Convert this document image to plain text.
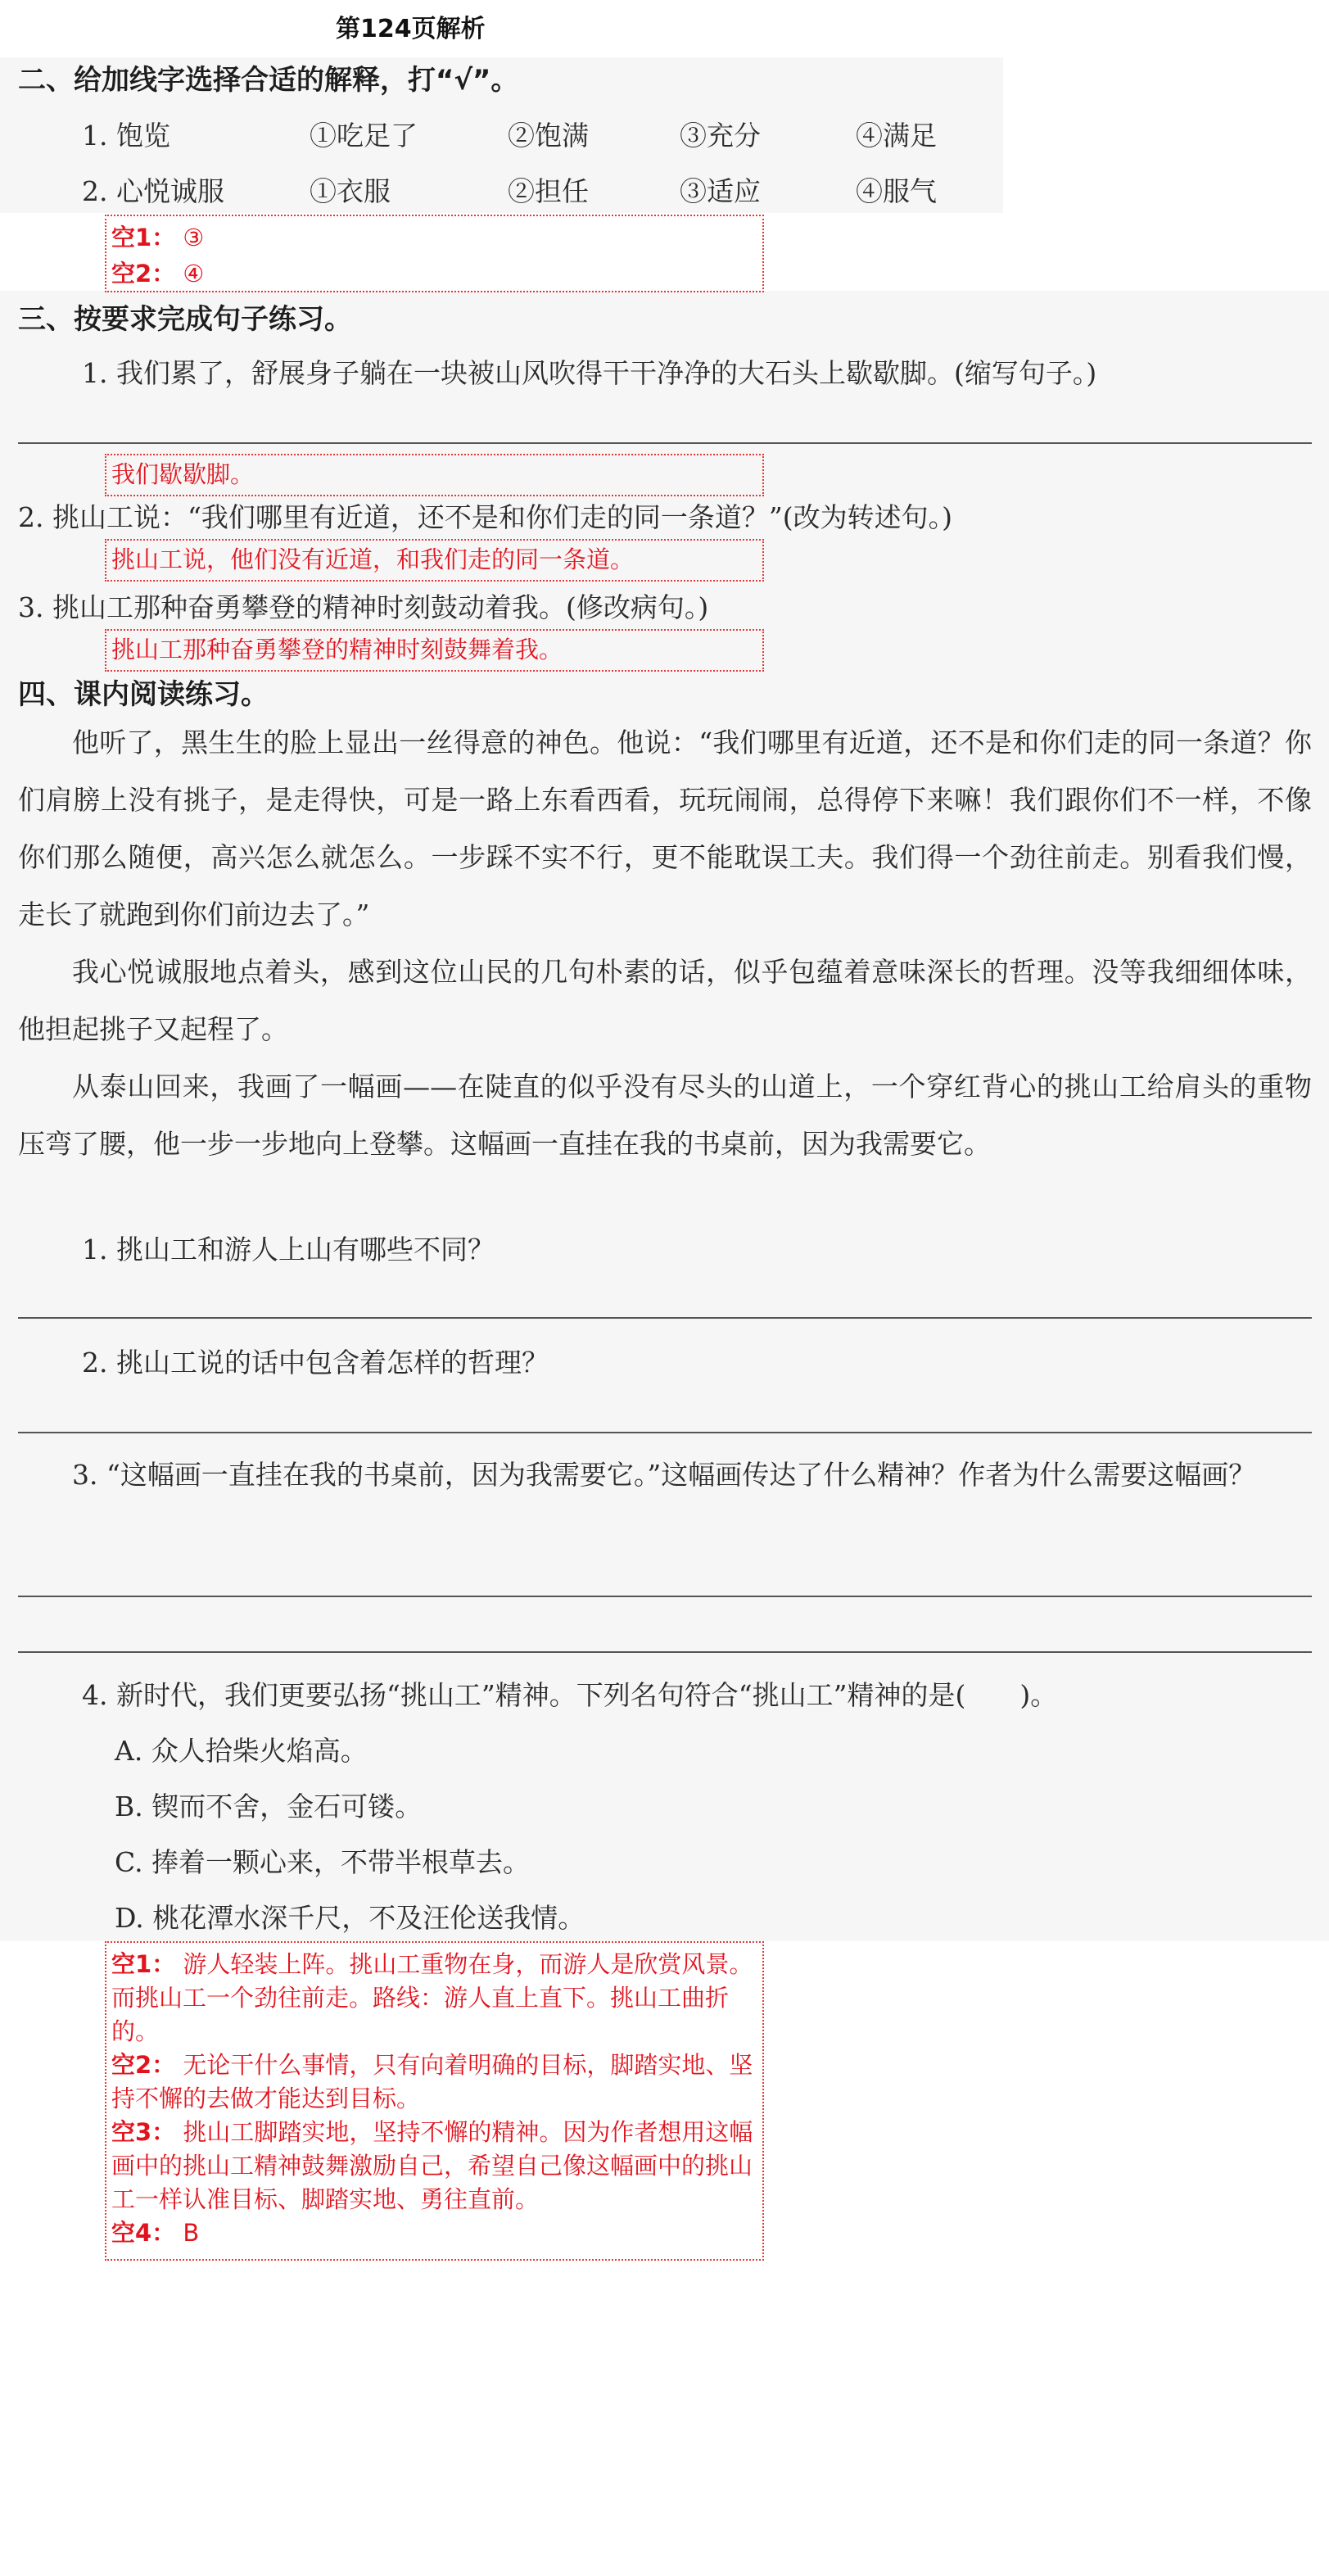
第124页解析
二、给加线字选择合适的解释，打“√”。
1. 饱览	①吃足了	②饱满	③充分	④满足
2. 心悦诚服	①衣服	②担任	③适应	④服气
空1： ③
空2： ④
三、按要求完成句子练习。
1. 我们累了，舒展身子躺在一块被山风吹得干干净净的大石头上歇歇脚。(缩写句子。)
我们歇歇脚。
2. 挑山工说：“我们哪里有近道，还不是和你们走的同一条道？”(改为转述句。)
挑山工说，他们没有近道，和我们走的同一条道。
3. 挑山工那种奋勇攀登的精神时刻鼓动着我。(修改病句。)
挑山工那种奋勇攀登的精神时刻鼓舞着我。
四、课内阅读练习。

他听了，黑生生的脸上显出一丝得意的神色。他说：“我们哪里有近道，还不是和你们走的同一条道？你们肩膀上没有挑子，是走得快，可是一路上东看西看，玩玩闹闹，总得停下来嘛！我们跟你们不一样，不像你们那么随便，高兴怎么就怎么。一步踩不实不行，更不能耽误工夫。我们得一个劲往前走。别看我们慢，走长了就跑到你们前边去了。”

我心悦诚服地点着头，感到这位山民的几句朴素的话，似乎包蕴着意味深长的哲理。没等我细细体味，他担起挑子又起程了。

从泰山回来，我画了一幅画——在陡直的似乎没有尽头的山道上，一个穿红背心的挑山工给肩头的重物压弯了腰，他一步一步地向上登攀。这幅画一直挂在我的书桌前，因为我需要它。

1. 挑山工和游人上山有哪些不同？
2. 挑山工说的话中包含着怎样的哲理？

3. “这幅画一直挂在我的书桌前，因为我需要它。”这幅画传达了什么精神？作者为什么需要这幅画？

4. 新时代，我们更要弘扬“挑山工”精神。下列名句符合“挑山工”精神的是(　　)。
A. 众人拾柴火焰高。
B. 锲而不舍，金石可镂。
C. 捧着一颗心来，不带半根草去。
D. 桃花潭水深千尺，不及汪伦送我情。
空1： 游人轻装上阵。挑山工重物在身，而游人是欣赏风景。而挑山工一个劲往前走。路线：游人直上直下。挑山工曲折的。
空2： 无论干什么事情，只有向着明确的目标，脚踏实地、坚持不懈的去做才能达到目标。
空3： 挑山工脚踏实地，坚持不懈的精神。因为作者想用这幅画中的挑山工精神鼓舞激励自己，希望自己像这幅画中的挑山工一样认准目标、脚踏实地、勇往直前。
空4： B
